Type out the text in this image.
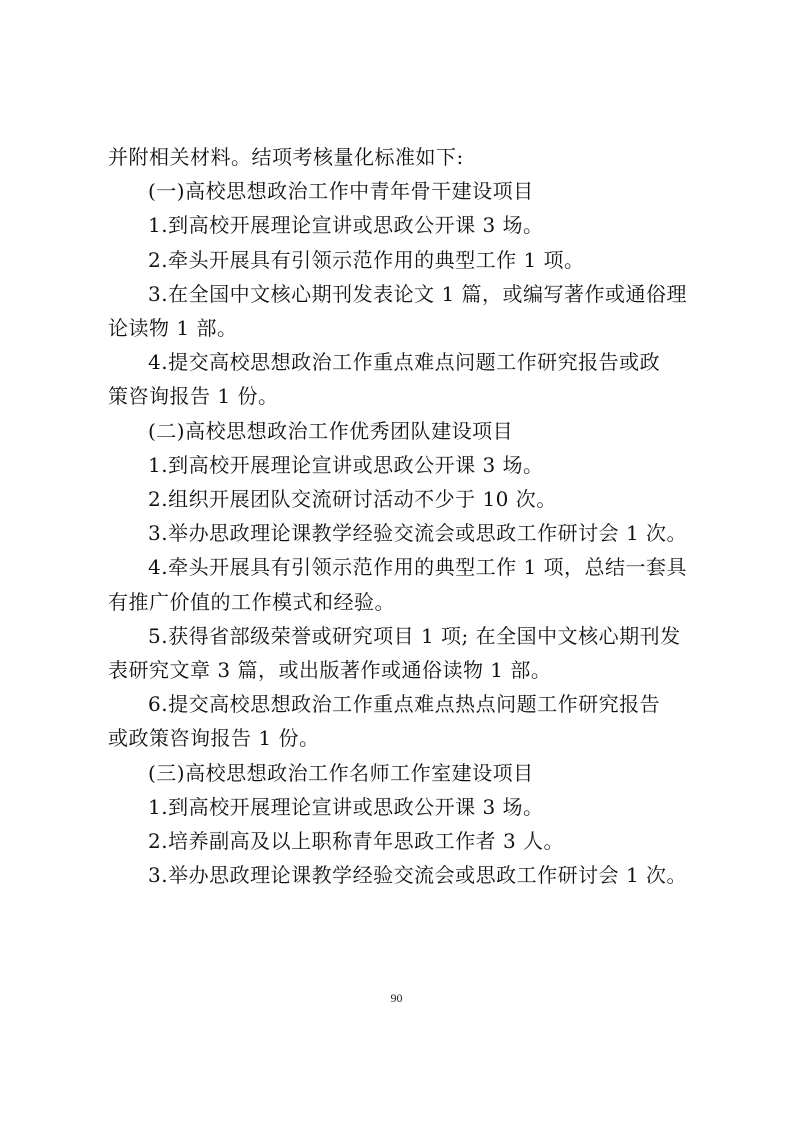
并附相关材料。结项考核量化标准如下:
(一)高校思想政治工作中青年骨干建设项目
1.到高校开展理论宣讲或思政公开课 3 场。
2.牵头开展具有引领示范作用的典型工作 1 项。
3.在全国中文核心期刊发表论文 1 篇，或编写著作或通俗理
论读物 1 部。
4.提交高校思想政治工作重点难点问题工作研究报告或政
策咨询报告 1 份。
(二)高校思想政治工作优秀团队建设项目
1.到高校开展理论宣讲或思政公开课 3 场。
2.组织开展团队交流研讨活动不少于 10 次。
3.举办思政理论课教学经验交流会或思政工作研讨会 1 次。
4.牵头开展具有引领示范作用的典型工作 1 项，总结一套具
有推广价值的工作模式和经验。
5.获得省部级荣誉或研究项目 1 项; 在全国中文核心期刊发
表研究文章 3 篇，或出版著作或通俗读物 1 部。
6.提交高校思想政治工作重点难点热点问题工作研究报告
或政策咨询报告 1 份。
(三)高校思想政治工作名师工作室建设项目
1.到高校开展理论宣讲或思政公开课 3 场。
2.培养副高及以上职称青年思政工作者 3 人。
3.举办思政理论课教学经验交流会或思政工作研讨会 1 次。
90
